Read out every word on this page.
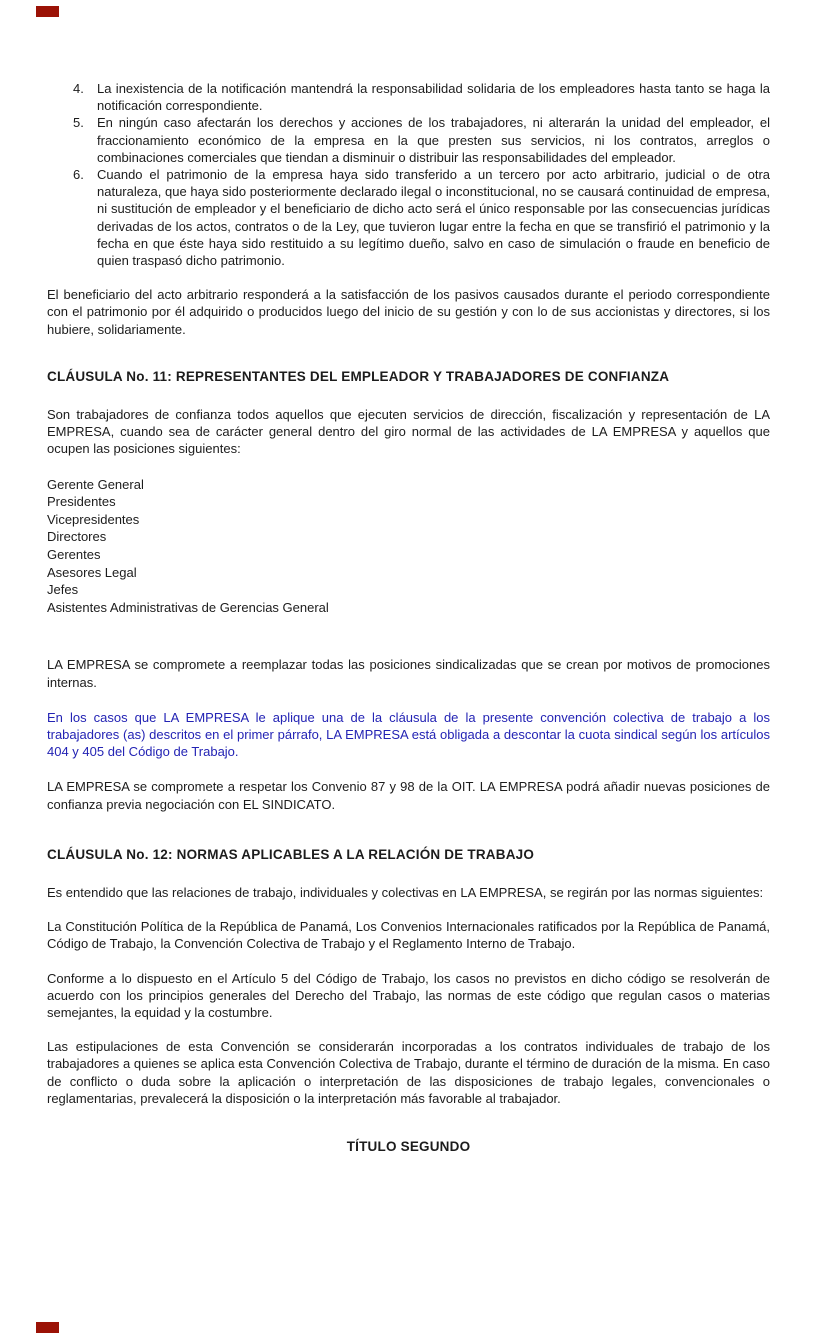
4.	La inexistencia de la notificación mantendrá la responsabilidad solidaria de los empleadores hasta tanto se haga la notificación correspondiente.
5.	En ningún caso afectarán los derechos y acciones de los trabajadores, ni alterarán la unidad del empleador, el fraccionamiento económico de la empresa en la que presten sus servicios, ni los contratos, arreglos o combinaciones comerciales que tiendan a disminuir o distribuir las responsabilidades del empleador.
6.	Cuando el patrimonio de la empresa haya sido transferido a un tercero por acto arbitrario, judicial o de otra naturaleza, que haya sido posteriormente declarado ilegal o inconstitucional, no se causará continuidad de empresa, ni sustitución de empleador y el beneficiario de dicho acto será el único responsable por las consecuencias jurídicas derivadas de los actos, contratos o de la Ley, que tuvieron lugar entre la fecha en que se transfirió el patrimonio y la fecha en que éste haya sido restituido a su legítimo dueño, salvo en caso de simulación o fraude en beneficio de quien traspasó dicho patrimonio.

El beneficiario del acto arbitrario responderá a la satisfacción de los pasivos causados durante el periodo correspondiente con el patrimonio por él adquirido o producidos luego del inicio de su gestión y con lo de sus accionistas y directores, si los hubiere, solidariamente.

CLÁUSULA No. 11: REPRESENTANTES DEL EMPLEADOR Y TRABAJADORES DE CONFIANZA

Son trabajadores de confianza todos aquellos que ejecuten servicios de dirección, fiscalización y representación de LA EMPRESA, cuando sea de carácter general dentro del giro normal de las actividades de LA EMPRESA y aquellos que ocupen las posiciones siguientes:

Gerente General
Presidentes
Vicepresidentes
Directores
Gerentes
Asesores Legal
Jefes
Asistentes Administrativas de Gerencias General

LA EMPRESA se compromete a reemplazar todas las posiciones sindicalizadas que se crean por motivos de promociones internas.

En los casos que LA EMPRESA le aplique una de la cláusula de la presente convención colectiva de trabajo a los trabajadores (as) descritos en el primer párrafo, LA EMPRESA está obligada a descontar la cuota sindical según los artículos 404 y 405 del Código de Trabajo.

LA EMPRESA se compromete a respetar los Convenio 87 y 98 de la OIT. LA EMPRESA podrá añadir nuevas posiciones de confianza previa negociación con EL SINDICATO.

CLÁUSULA No. 12: NORMAS APLICABLES A LA RELACIÓN DE TRABAJO

Es entendido que las relaciones de trabajo, individuales y colectivas en LA EMPRESA, se regirán por las normas siguientes:

La Constitución Política de la República de Panamá, Los Convenios Internacionales ratificados por la República de Panamá, Código de Trabajo, la Convención Colectiva de Trabajo y el Reglamento Interno de Trabajo.

Conforme a lo dispuesto en el Artículo 5 del Código de Trabajo, los casos no previstos en dicho código se resolverán de acuerdo con los principios generales del Derecho del Trabajo, las normas de este código que regulan casos o materias semejantes, la equidad y la costumbre.

Las estipulaciones de esta Convención se considerarán incorporadas a los contratos individuales de trabajo de los trabajadores a quienes se aplica esta Convención Colectiva de Trabajo, durante el término de duración de la misma. En caso de conflicto o duda sobre la aplicación o interpretación de las disposiciones de trabajo legales, convencionales o reglamentarias, prevalecerá la disposición o la interpretación más favorable al trabajador.

TÍTULO SEGUNDO
